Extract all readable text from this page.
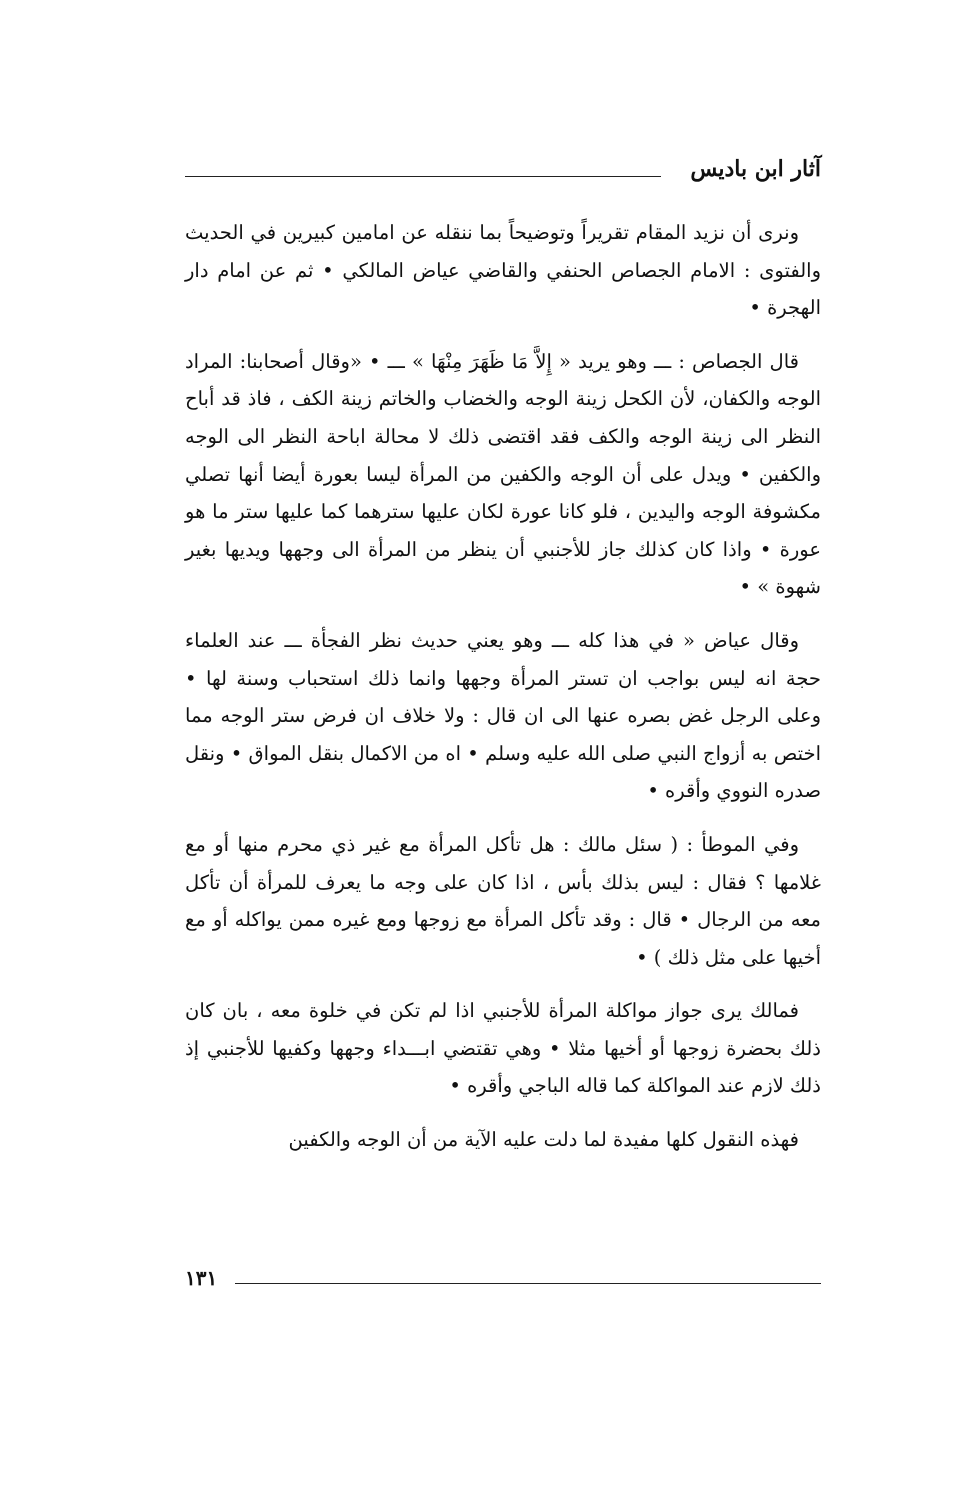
آثار ابن باديس

ونرى أن نزيد المقام تقريراً وتوضيحاً بما ننقله عن امامين كبيرين في الحديث والفتوى : الامام الجصاص الحنفي والقاضي عياض المالكي • ثم عن امام دار الهجرة •

قال الجصاص : ـــ وهو يريد « إِلاَّ مَا ظَهَرَ مِنْهَا » ـــ • «وقال أصحابنا: المراد الوجه والكفان، لأن الكحل زينة الوجه والخضاب والخاتم زينة الكف ، فاذ قد أباح النظر الى زينة الوجه والكف فقد اقتضى ذلك لا محالة اباحة النظر الى الوجه والكفين • ويدل على أن الوجه والكفين من المرأة ليسا بعورة أيضا أنها تصلي مكشوفة الوجه واليدين ، فلو كانا عورة لكان عليها سترهما كما عليها ستر ما هو عورة • واذا كان كذلك جاز للأجنبي أن ينظر من المرأة الى وجهها ويديها بغير شهوة » •

وقال عياض « في هذا كله ـــ وهو يعني حديث نظر الفجأة ـــ عند العلماء حجة انه ليس بواجب ان تستر المرأة وجهها وانما ذلك استحباب وسنة لها • وعلى الرجل غض بصره عنها الى ان قال : ولا خلاف ان فرض ستر الوجه مما اختص به أزواج النبي صلى الله عليه وسلم • اه من الاكمال بنقل المواق • ونقل صدره النووي وأقره •

وفي الموطأ : ( سئل مالك : هل تأكل المرأة مع غير ذي محرم منها أو مع غلامها ؟ فقال : ليس بذلك بأس ، اذا كان على وجه ما يعرف للمرأة أن تأكل معه من الرجال • قال : وقد تأكل المرأة مع زوجها ومع غيره ممن يواكله أو مع أخيها على مثل ذلك ) •

فمالك يرى جواز مواكلة المرأة للأجنبي اذا لم تكن في خلوة معه ، بان كان ذلك بحضرة زوجها أو أخيها مثلا • وهي تقتضي ابـــداء وجهها وكفيها للأجنبي إذ ذلك لازم عند المواكلة كما قاله الباجي وأقره •

فهذه النقول كلها مفيدة لما دلت عليه الآية من أن الوجه والكفين

١٣١
